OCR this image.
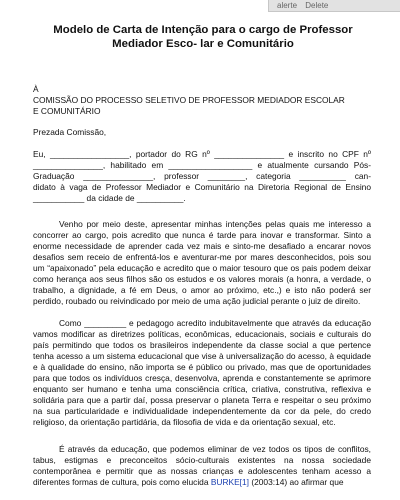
alerte Delete
Modelo de Carta de Intenção para o cargo de Professor Mediador Esco- lar e Comunitário
À
COMISSÃO DO PROCESSO SELETIVO DE PROFESSOR MEDIADOR ESCOLAR
E COMUNITÁRIO
Prezada Comissão,
Eu, _________________, portador do RG nº _______________ e inscrito no CPF nº
_______________, habilitado em __________________ e atualmente cursando Pós-
Graduação _______________, professor ________, categoria __________ can-
didato à vaga de Professor Mediador e Comunitário na Diretoria Regional de Ensino
___________ da cidade de __________.
Venho por meio deste, apresentar minhas intenções pelas quais me interesso a concorrer ao cargo, pois acredito que nunca é tarde para inovar e transformar. Sinto a enorme necessidade de aprender cada vez mais e sinto-me desafiado a encarar novos desafios sem receio de enfrentá-los e aventurar-me por mares desconhecidos, pois sou um “apaixonado” pela educação e acredito que o maior tesouro que os pais podem deixar como herança aos seus filhos são os estudos e os valores morais (a honra, a verdade, o trabalho, a dignidade, a fé em Deus, o amor ao próximo, etc.,) e isto não poderá ser perdido, roubado ou reivindicado por meio de uma ação judicial perante o juiz de direito.
Como _________ e pedagogo acredito indubitavelmente que através da educação vamos modificar as diretrizes políticas, econômicas, educacionais, sociais e culturais do país permitindo que todos os brasileiros independente da classe social a que pertence tenha acesso a um sistema educacional que vise à universalização do acesso, à equidade e à qualidade do ensino, não importa se é público ou privado, mas que de oportunidades para que todos os indivíduos cresça, desenvolva, aprenda e constantemente se aprimore enquanto ser humano e tenha uma consciência crítica, criativa, construtiva, reflexiva e solidária para que a partir daí, possa preservar o planeta Terra e respeitar o seu próximo na sua particularidade e individualidade independentemente da cor da pele, do credo religioso, da orientação partidária, da filosofia de vida e da orientação sexual, etc.
É através da educação, que podemos eliminar de vez todos os tipos de conflitos, tabus, estigmas e preconceitos sócio-culturais existentes na nossa sociedade contemporânea e permitir que as nossas crianças e adolescentes tenham acesso a diferentes formas de cultura, pois como elucida BURKE[1] (2003:14) ao afirmar que
